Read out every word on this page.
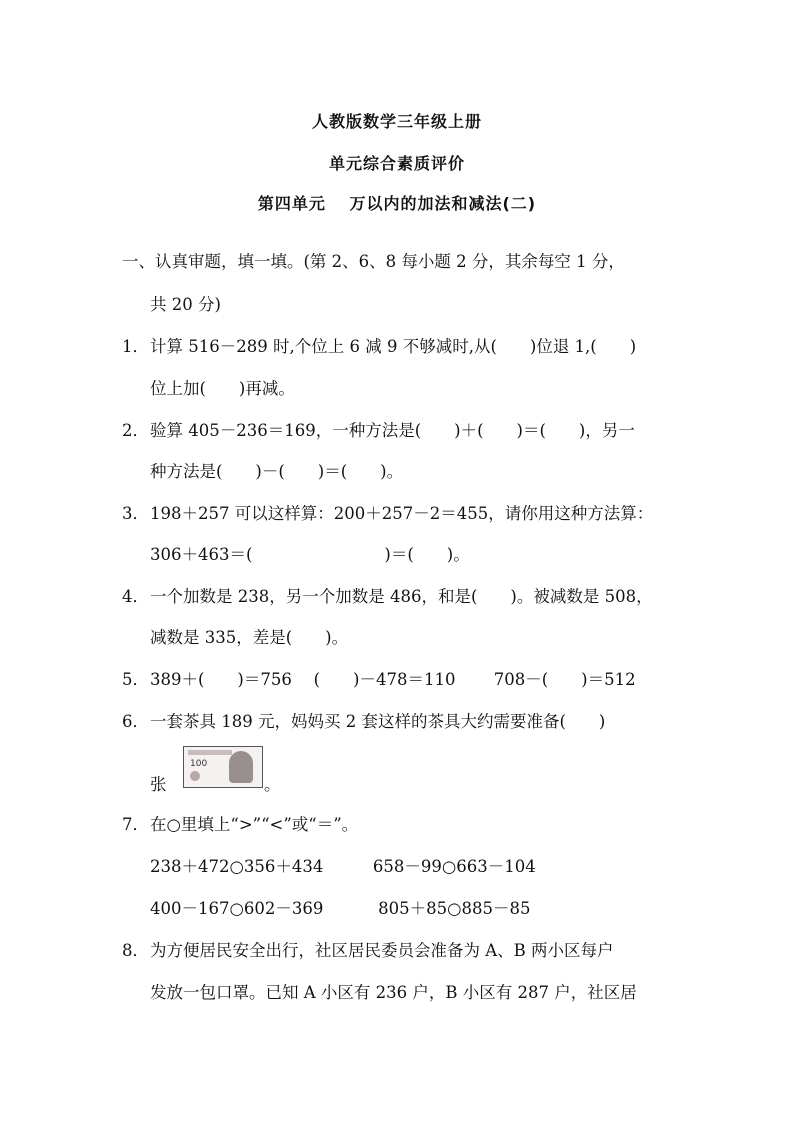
人教版数学三年级上册
单元综合素质评价
第四单元　 万以内的加法和减法(二)
一、认真审题，填一填。(第 2、6、8 每小题 2 分，其余每空 1 分，
共 20 分)
1． 计算 516－289 时,个位上 6 减 9 不够减时,从(　　)位退 1,(　　)
位上加(　　)再减。
2． 验算 405－236＝169，一种方法是(　　)＋(　　)＝(　　)，另一
种方法是(　　)－(　　)＝(　　)。
3． 198＋257 可以这样算：200＋257－2＝455，请你用这种方法算：
306＋463＝(　　　　　　　　)＝(　　)。
4． 一个加数是 238，另一个加数是 486，和是(　　)。被减数是 508，
减数是 335，差是(　　)。
5． 389＋(　　)＝756　 (　　)－478＝110　　 708－(　　)＝512
6． 一套茶具 189 元，妈妈买 2 套这样的茶具大约需要准备(　　)
张
100
。
7． 在○里填上“>”“<”或“＝”。
238＋472○356＋434　　　658－99○663－104
400－167○602－369　　　 805＋85○885－85
8． 为方便居民安全出行，社区居民委员会准备为 A、B 两小区每户
发放一包口罩。已知 A 小区有 236 户，B 小区有 287 户，社区居
